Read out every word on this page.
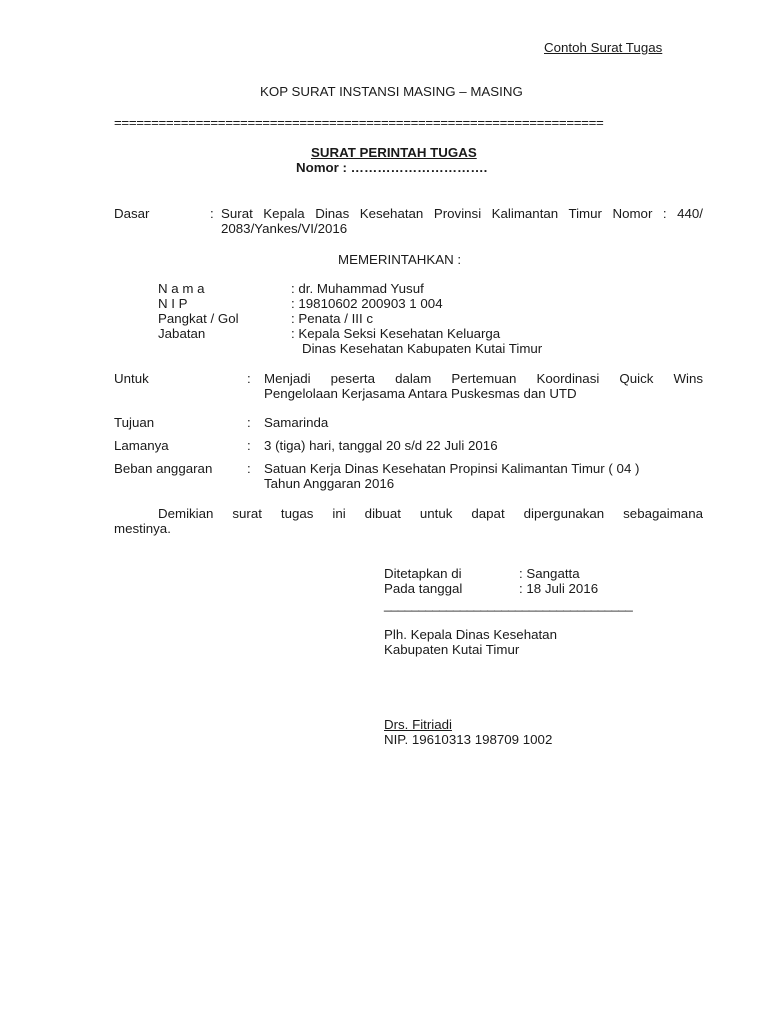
Contoh Surat Tugas
KOP SURAT INSTANSI MASING – MASING
==================================================================
SURAT PERINTAH TUGAS
Nomor : ………………………….
Dasar	: Surat Kepala Dinas Kesehatan Provinsi Kalimantan Timur Nomor : 440/
2083/Yankes/VI/2016
MEMERINTAHKAN :
N a m a	: dr. Muhammad Yusuf
N I P	: 19810602 200903 1 004
Pangkat / Gol	: Penata / III c
Jabatan	: Kepala Seksi Kesehatan Keluarga
Dinas Kesehatan Kabupaten Kutai Timur
Untuk	: Menjadi peserta dalam Pertemuan Koordinasi Quick Wins
Pengelolaan Kerjasama Antara Puskesmas dan UTD
Tujuan	: Samarinda
Lamanya	: 3 (tiga) hari, tanggal 20 s/d 22 Juli 2016
Beban anggaran	: Satuan Kerja Dinas Kesehatan Propinsi Kalimantan Timur ( 04 )
Tahun Anggaran 2016
Demikian surat tugas ini dibuat untuk dapat dipergunakan sebagaimana
mestinya.
Ditetapkan di	: Sangatta
Pada tanggal	: 18 Juli 2016
____________________________________
Plh. Kepala Dinas Kesehatan
Kabupaten Kutai Timur
Drs. Fitriadi
NIP. 19610313 198709 1002
